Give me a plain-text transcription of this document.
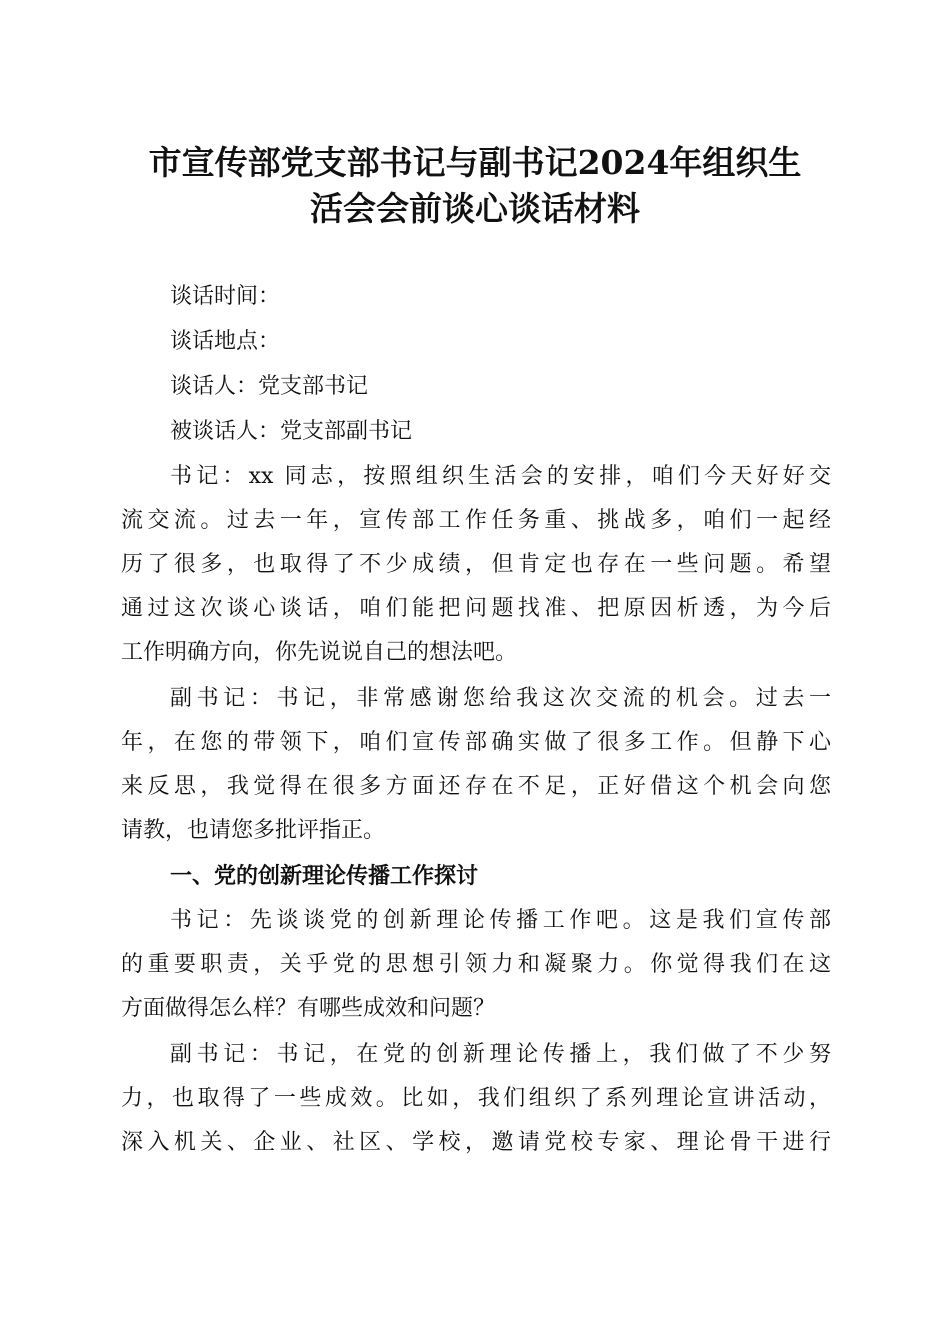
市宣传部党支部书记与副书记2024年组织生
活会会前谈心谈话材料
谈话时间：
谈话地点：
谈话人：党支部书记
被谈话人：党支部副书记
书记：xx 同志，按照组织生活会的安排，咱们今天好好交
流交流。过去一年，宣传部工作任务重、挑战多，咱们一起经
历了很多，也取得了不少成绩，但肯定也存在一些问题。希望
通过这次谈心谈话，咱们能把问题找准、把原因析透，为今后
工作明确方向，你先说说自己的想法吧。
副书记：书记，非常感谢您给我这次交流的机会。过去一
年，在您的带领下，咱们宣传部确实做了很多工作。但静下心
来反思，我觉得在很多方面还存在不足，正好借这个机会向您
请教，也请您多批评指正。
一、党的创新理论传播工作探讨
书记：先谈谈党的创新理论传播工作吧。这是我们宣传部
的重要职责，关乎党的思想引领力和凝聚力。你觉得我们在这
方面做得怎么样？有哪些成效和问题？
副书记：书记，在党的创新理论传播上，我们做了不少努
力，也取得了一些成效。比如，我们组织了系列理论宣讲活动，
深入机关、企业、社区、学校，邀请党校专家、理论骨干进行
